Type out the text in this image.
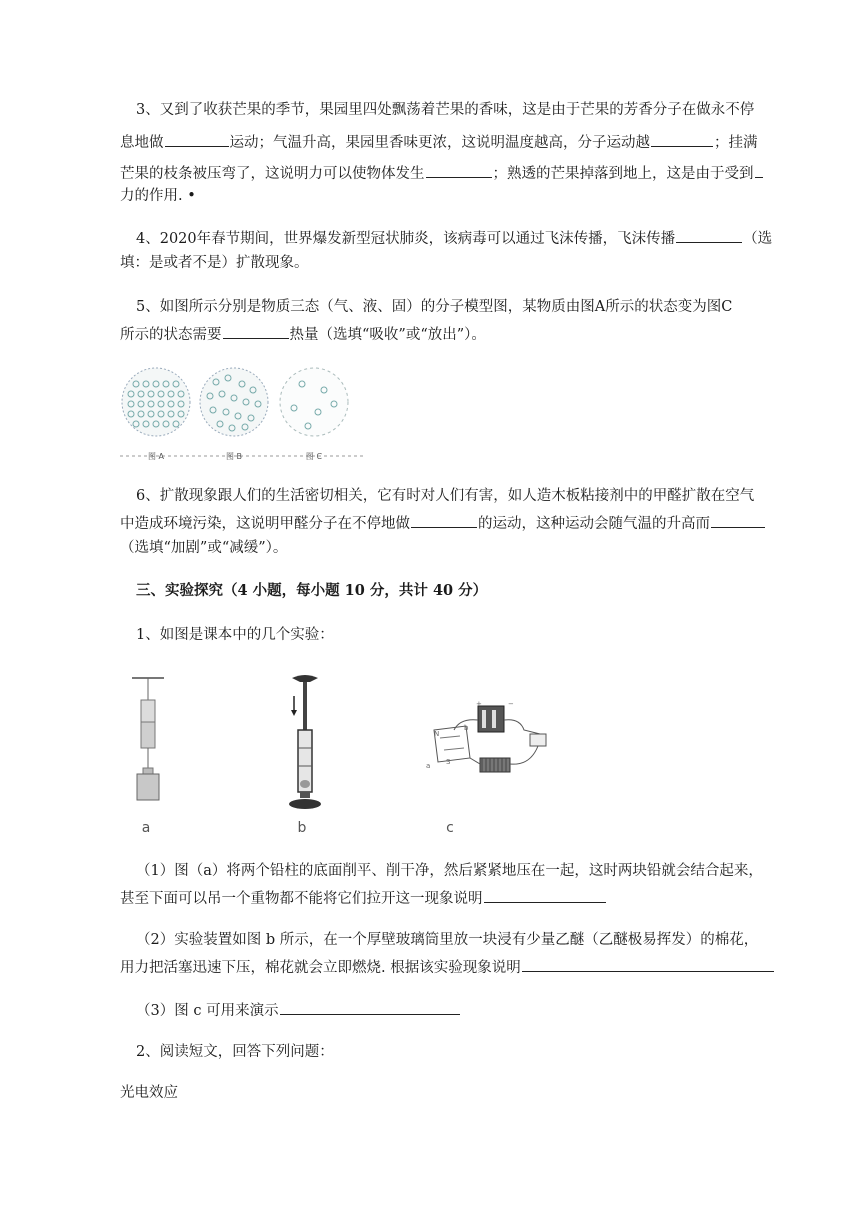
3、又到了收获芒果的季节，果园里四处飘荡着芒果的香味，这是由于芒果的芳香分子在做永不停
息地做	运动；气温升高，果园里香味更浓，这说明温度越高，分子运动越	；挂满
芒果的枝条被压弯了，这说明力可以使物体发生	；熟透的芒果掉落到地上，这是由于受到
力的作用. •
4、2020年春节期间，世界爆发新型冠状肺炎，该病毒可以通过飞沫传播，飞沫传播	（选
填：是或者不是）扩散现象。
5、如图所示分别是物质三态（气、液、固）的分子模型图，某物质由图A所示的状态变为图C
所示的状态需要	热量（选填“吸收”或“放出”）。
图 A	图 B	图 C
6、扩散现象跟人们的生活密切相关，它有时对人们有害，如人造木板粘接剂中的甲醛扩散在空气
中造成环境污染，这说明甲醛分子在不停地做	的运动，这种运动会随气温的升高而
（选填“加剧”或“减缓”）。
三、实验探究（4 小题，每小题 10 分，共计 40 分）
1、如图是课本中的几个实验：
a	b
+	−
N
S
a
b
c
（1）图（a）将两个铅柱的底面削平、削干净，然后紧紧地压在一起，这时两块铅就会结合起来，
甚至下面可以吊一个重物都不能将它们拉开这一现象说明
（2）实验装置如图 b 所示，在一个厚壁玻璃筒里放一块浸有少量乙醚（乙醚极易挥发）的棉花，
用力把活塞迅速下压，棉花就会立即燃烧. 根据该实验现象说明
（3）图 c 可用来演示
2、阅读短文，回答下列问题：
光电效应
